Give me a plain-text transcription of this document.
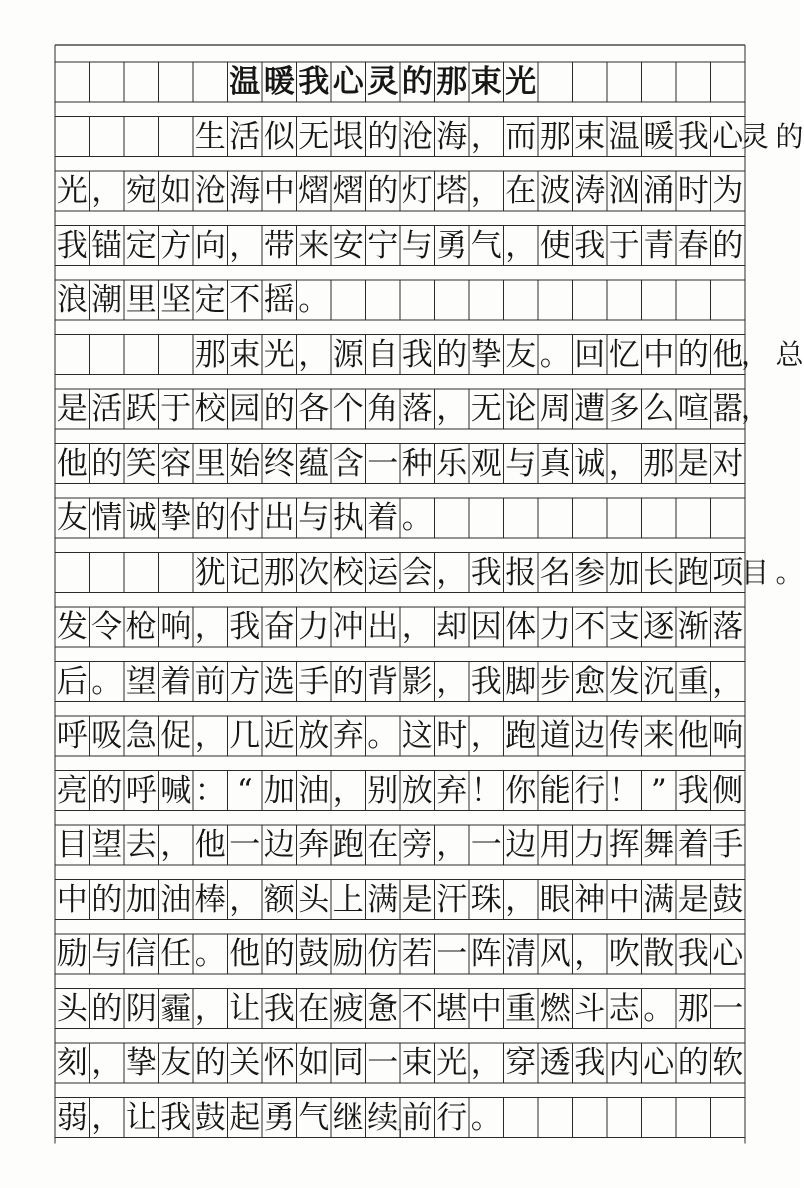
温 暖 我 心 灵 的 那 束 光
生 活 似 无 垠 的 沧 海 ， 而 那 束 温 暖 我 心
灵 的
光 ， 宛 如 沧 海 中 熠 熠 的 灯 塔 ， 在 波 涛 汹 涌 时 为
我 锚 定 方 向 ， 带 来 安 宁 与 勇 气 ， 使 我 于 青 春 的
浪 潮 里 坚 定 不 摇 。
那 束 光 ， 源 自 我 的 挚 友 。 回 忆 中 的 他
， 总
是 活 跃 于 校 园 的 各 个 角 落 ， 无 论 周 遭 多 么 喧 嚣
，
他 的 笑 容 里 始 终 蕴 含 一 种 乐 观 与 真 诚 ， 那 是 对
友 情 诚 挚 的 付 出 与 执 着 。
犹 记 那 次 校 运 会 ， 我 报 名 参 加 长 跑 项
目 。
发 令 枪 响 ， 我 奋 力 冲 出 ， 却 因 体 力 不 支 逐 渐 落
后 。 望 着 前 方 选 手 的 背 影 ， 我 脚 步 愈 发 沉 重 ，
呼 吸 急 促 ， 几 近 放 弃 。 这 时 ， 跑 道 边 传 来 他 响
亮 的 呼 喊 ： “ 加 油 ， 别 放 弃 ！ 你 能 行 ！ ” 我 侧
目 望 去 ， 他 一 边 奔 跑 在 旁 ， 一 边 用 力 挥 舞 着 手
中 的 加 油 棒 ， 额 头 上 满 是 汗 珠 ， 眼 神 中 满 是 鼓
励 与 信 任 。 他 的 鼓 励 仿 若 一 阵 清 风 ， 吹 散 我 心
头 的 阴 霾 ， 让 我 在 疲 惫 不 堪 中 重 燃 斗 志 。 那 一
刻 ， 挚 友 的 关 怀 如 同 一 束 光 ， 穿 透 我 内 心 的 软
弱 ， 让 我 鼓 起 勇 气 继 续 前 行 。
1
